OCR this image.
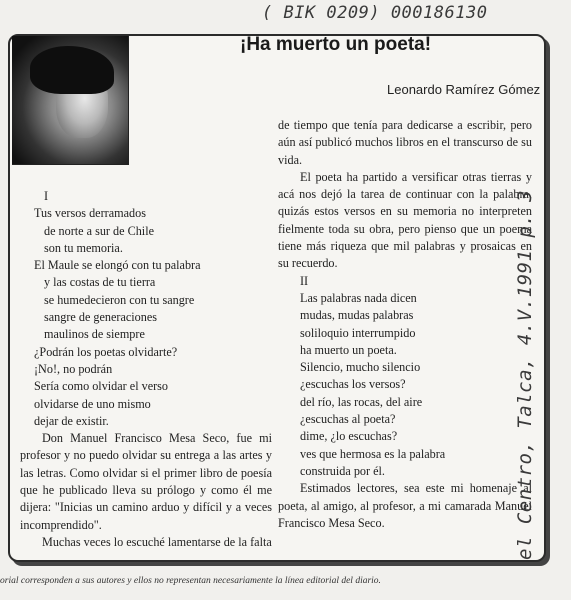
( BIK 0209) 000186130
¡Ha muerto un poeta!
Leonardo Ramírez Gómez

I

Tus versos derramados

de norte a sur de Chile

son tu memoria.

El Maule se elongó con tu palabra

y las costas de tu tierra

se humedecieron con tu sangre

sangre de generaciones

maulinos de siempre

¿Podrán los poetas olvidarte?

¡No!, no podrán

Sería como olvidar el verso

olvidarse de uno mismo

dejar de existir.

Don Manuel Francisco Mesa Seco, fue mi profesor y no puedo olvidar su entrega a las artes y las letras. Como olvidar si el primer libro de poesía que he publicado lleva su prólogo y como él me dijera: "Inicias un camino arduo y difícil y a veces incomprendido".

Muchas veces lo escuché lamentarse de la falta

de tiempo que tenía para dedicarse a escribir, pero aún así publicó muchos libros en el transcurso de su vida.

El poeta ha partido a versificar otras tierras y acá nos dejó la tarea de continuar con la palabra, quizás estos versos en su memoria no interpreten fielmente toda su obra, pero pienso que un poema tiene más riqueza que mil palabras y prosaicas en su recuerdo.

II

Las palabras nada dicen

mudas, mudas palabras

soliloquio interrumpido

ha muerto un poeta.

Silencio, mucho silencio

¿escuchas los versos?

del río, las rocas, del aire

¿escuchas al poeta?

dime, ¿lo escuchas?

ves que hermosa es la palabra

construida por él.

Estimados lectores, sea este mi homenaje al poeta, al amigo, al profesor, a mi camarada Manuel Francisco Mesa Seco.	el Centro, Talca, 4.V.1991 p. 3
orial corresponden a sus autores y ellos no representan necesariamente la línea editorial del diario.
